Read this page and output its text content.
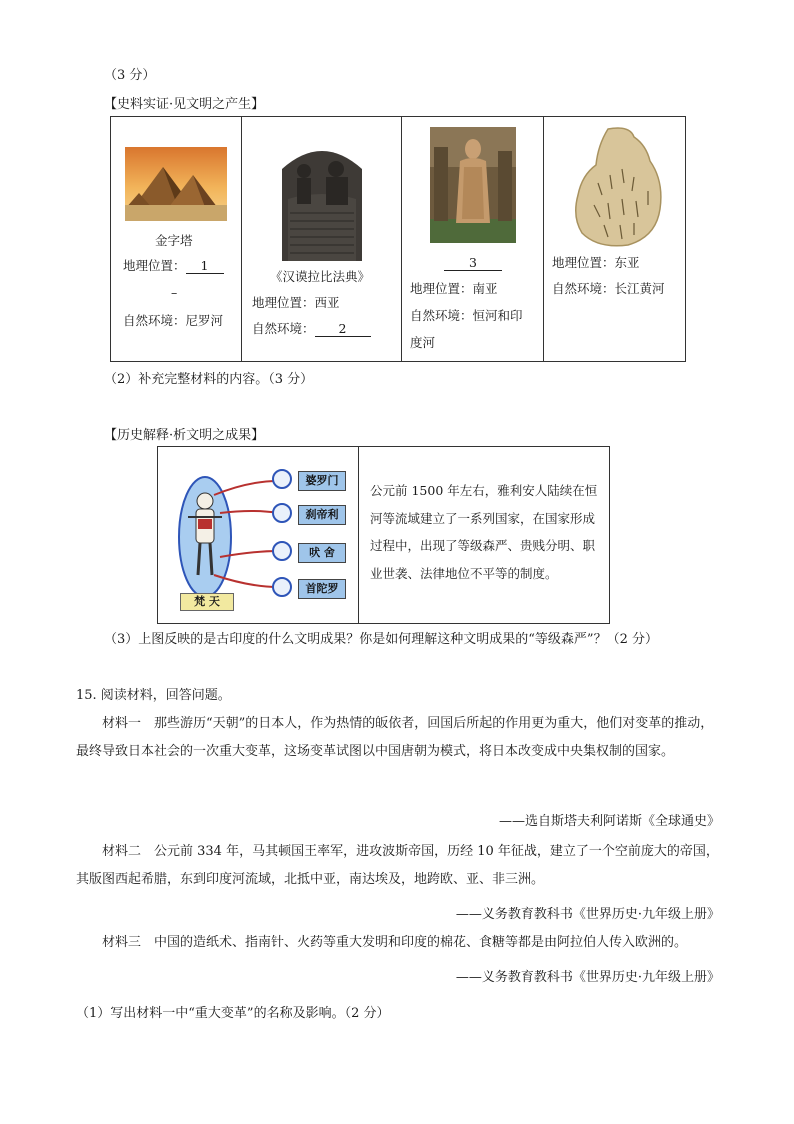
（3 分）
【史料实证·见文明之产生】
金字塔
地理位置： 1
–
自然环境：尼罗河
《汉谟拉比法典》
地理位置：西亚
自然环境： 2
3
地理位置：南亚
自然环境：恒河和印
度河
地理位置：东亚
自然环境：长江黄河
（2）补充完整材料的内容。（3 分）
【历史解释·析文明之成果】
婆罗门
刹帝利
吠 舍
首陀罗
梵 天
公元前 1500 年左右，雅利安人陆续在恒河等流域建立了一系列国家，在国家形成过程中，出现了等级森严、贵贱分明、职业世袭、法律地位不平等的制度。
（3）上图反映的是古印度的什么文明成果？你是如何理解这种文明成果的“等级森严”？（2 分）
15. 阅读材料，回答问题。
材料一　那些游历“天朝”的日本人，作为热情的皈依者，回国后所起的作用更为重大，他们对变革的推动，最终导致日本社会的一次重大变革，这场变革试图以中国唐朝为模式，将日本改变成中央集权制的国家。
——选自斯塔夫利阿诺斯《全球通史》
材料二　公元前 334 年，马其顿国王率军，进攻波斯帝国，历经 10 年征战，建立了一个空前庞大的帝国，其版图西起希腊，东到印度河流域，北抵中亚，南达埃及，地跨欧、亚、非三洲。
——义务教育教科书《世界历史·九年级上册》
材料三　中国的造纸术、指南针、火药等重大发明和印度的棉花、食糖等都是由阿拉伯人传入欧洲的。
——义务教育教科书《世界历史·九年级上册》
（1）写出材料一中“重大变革”的名称及影响。（2 分）
